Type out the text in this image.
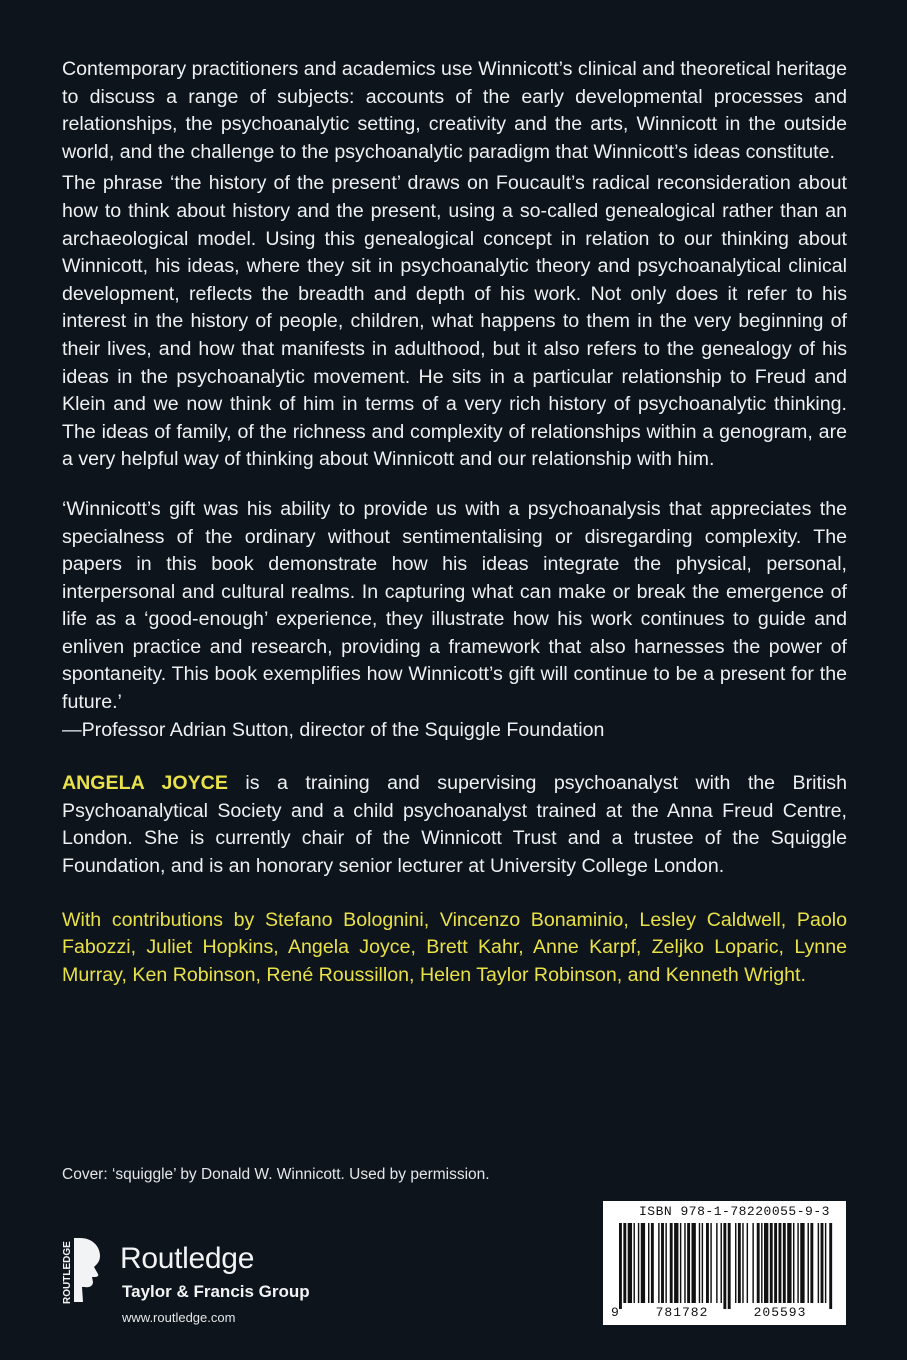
Contemporary practitioners and academics use Winnicott’s clinical and theoretical heritage to discuss a range of subjects: accounts of the early developmental processes and relationships, the psychoanalytic setting, creativity and the arts, Winnicott in the outside world, and the challenge to the psychoanalytic paradigm that Winnicott’s ideas constitute.

The phrase ‘the history of the present’ draws on Foucault’s radical reconsideration about how to think about history and the present, using a so-called genealogical rather than an archaeological model. Using this genealogical concept in relation to our thinking about Winnicott, his ideas, where they sit in psychoanalytic theory and psychoanalytical clinical development, reflects the breadth and depth of his work. Not only does it refer to his interest in the history of people, children, what happens to them in the very beginning of their lives, and how that manifests in adulthood, but it also refers to the genealogy of his ideas in the psychoanalytic movement. He sits in a particular relationship to Freud and Klein and we now think of him in terms of a very rich history of psychoanalytic thinking. The ideas of family, of the richness and complexity of relationships within a genogram, are a very helpful way of thinking about Winnicott and our relationship with him.

‘Winnicott’s gift was his ability to provide us with a psychoanalysis that appreciates the specialness of the ordinary without sentimentalising or disregarding complexity. The papers in this book demonstrate how his ideas integrate the physical, personal, interpersonal and cultural realms. In capturing what can make or break the emergence of life as a ‘good-enough’ experience, they illustrate how his work continues to guide and enliven practice and research, providing a framework that also harnesses the power of spontaneity. This book exemplifies how Winnicott’s gift will continue to be a present for the future.’

—Professor Adrian Sutton, director of the Squiggle Foundation

ANGELA JOYCE is a training and supervising psychoanalyst with the British Psychoanalytical Society and a child psychoanalyst trained at the Anna Freud Centre, London. She is currently chair of the Winnicott Trust and a trustee of the Squiggle Foundation, and is an honorary senior lecturer at University College London.

With contributions by Stefano Bolognini, Vincenzo Bonaminio, Lesley Caldwell, Paolo Fabozzi, Juliet Hopkins, Angela Joyce, Brett Kahr, Anne Karpf, Zeljko Loparic, Lynne Murray, Ken Robinson, René Roussillon, Helen Taylor Robinson, and Kenneth Wright.

Cover: ‘squiggle’ by Donald W. Winnicott. Used by permission.
ROUTLEDGE Routledge
Taylor & Francis Group
www.routledge.com
ISBN 978-1-78220055-9-3
9	781782	205593
